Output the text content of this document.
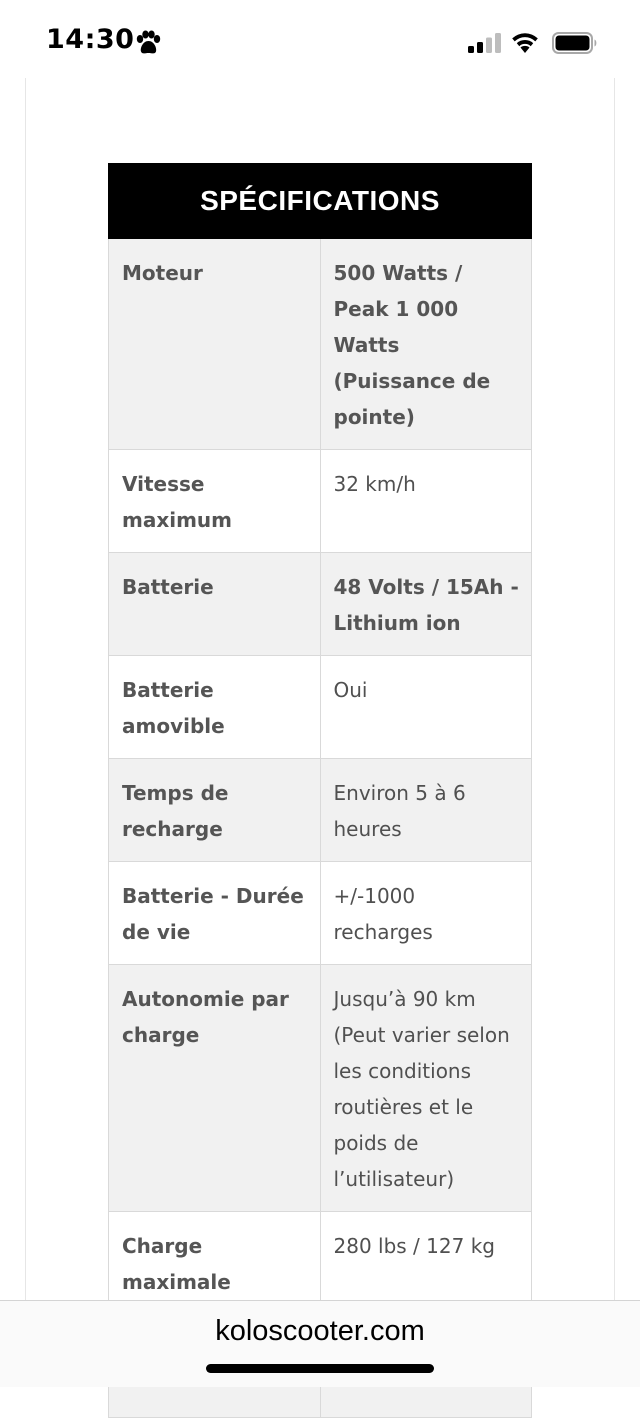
14:30
SPÉCIFICATIONS	
Moteur	500 Watts / Peak 1 000 Watts (Puissance de pointe)
Vitesse maximum	32 km/h
Batterie	48 Volts / 15Ah - Lithium ion
Batterie amovible	Oui
Temps de recharge	Environ 5 à 6 heures
Batterie - Durée de vie	+/-1000 recharges
Autonomie par charge	Jusqu’à 90 km (Peut varier selon les conditions routières et le poids de l’utilisateur)
Charge maximale	280 lbs / 127 kg

koloscooter.com
